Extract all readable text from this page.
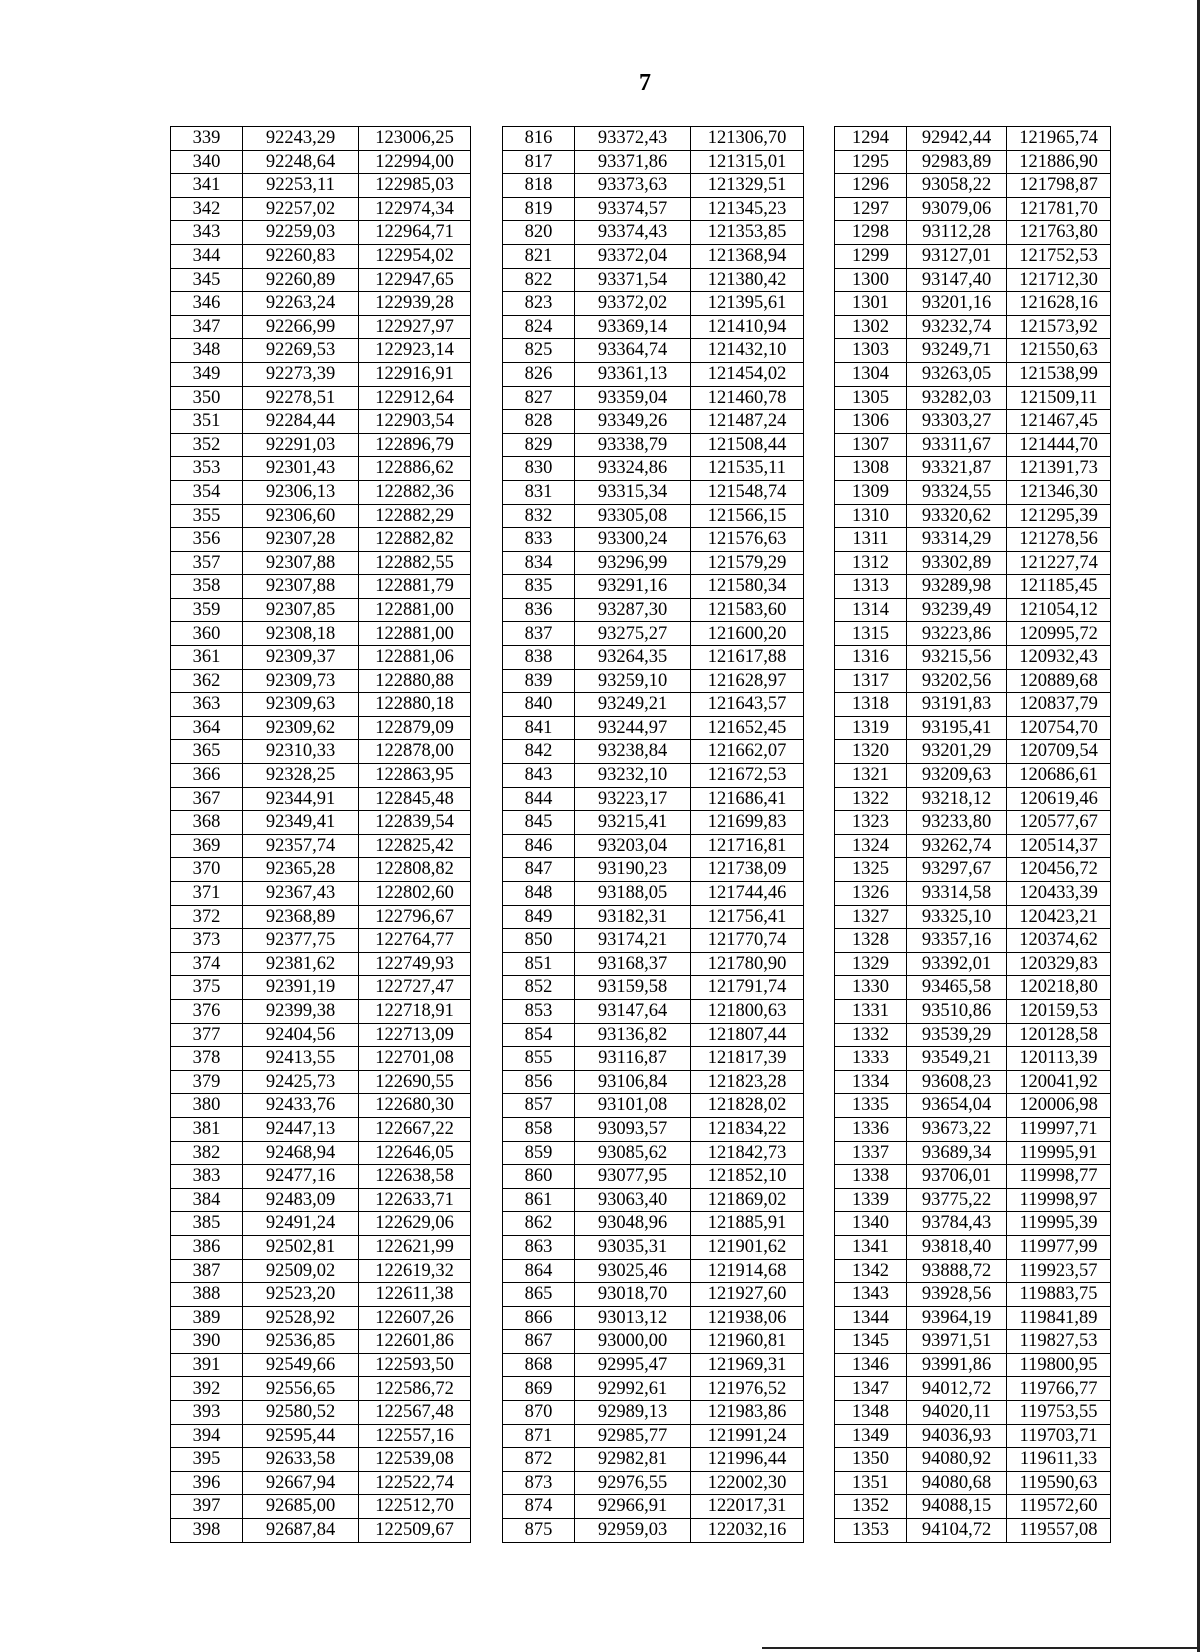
7
339	92243,29	123006,25
340	92248,64	122994,00
341	92253,11	122985,03
342	92257,02	122974,34
343	92259,03	122964,71
344	92260,83	122954,02
345	92260,89	122947,65
346	92263,24	122939,28
347	92266,99	122927,97
348	92269,53	122923,14
349	92273,39	122916,91
350	92278,51	122912,64
351	92284,44	122903,54
352	92291,03	122896,79
353	92301,43	122886,62
354	92306,13	122882,36
355	92306,60	122882,29
356	92307,28	122882,82
357	92307,88	122882,55
358	92307,88	122881,79
359	92307,85	122881,00
360	92308,18	122881,00
361	92309,37	122881,06
362	92309,73	122880,88
363	92309,63	122880,18
364	92309,62	122879,09
365	92310,33	122878,00
366	92328,25	122863,95
367	92344,91	122845,48
368	92349,41	122839,54
369	92357,74	122825,42
370	92365,28	122808,82
371	92367,43	122802,60
372	92368,89	122796,67
373	92377,75	122764,77
374	92381,62	122749,93
375	92391,19	122727,47
376	92399,38	122718,91
377	92404,56	122713,09
378	92413,55	122701,08
379	92425,73	122690,55
380	92433,76	122680,30
381	92447,13	122667,22
382	92468,94	122646,05
383	92477,16	122638,58
384	92483,09	122633,71
385	92491,24	122629,06
386	92502,81	122621,99
387	92509,02	122619,32
388	92523,20	122611,38
389	92528,92	122607,26
390	92536,85	122601,86
391	92549,66	122593,50
392	92556,65	122586,72
393	92580,52	122567,48
394	92595,44	122557,16
395	92633,58	122539,08
396	92667,94	122522,74
397	92685,00	122512,70
398	92687,84	122509,67
816	93372,43	121306,70
817	93371,86	121315,01
818	93373,63	121329,51
819	93374,57	121345,23
820	93374,43	121353,85
821	93372,04	121368,94
822	93371,54	121380,42
823	93372,02	121395,61
824	93369,14	121410,94
825	93364,74	121432,10
826	93361,13	121454,02
827	93359,04	121460,78
828	93349,26	121487,24
829	93338,79	121508,44
830	93324,86	121535,11
831	93315,34	121548,74
832	93305,08	121566,15
833	93300,24	121576,63
834	93296,99	121579,29
835	93291,16	121580,34
836	93287,30	121583,60
837	93275,27	121600,20
838	93264,35	121617,88
839	93259,10	121628,97
840	93249,21	121643,57
841	93244,97	121652,45
842	93238,84	121662,07
843	93232,10	121672,53
844	93223,17	121686,41
845	93215,41	121699,83
846	93203,04	121716,81
847	93190,23	121738,09
848	93188,05	121744,46
849	93182,31	121756,41
850	93174,21	121770,74
851	93168,37	121780,90
852	93159,58	121791,74
853	93147,64	121800,63
854	93136,82	121807,44
855	93116,87	121817,39
856	93106,84	121823,28
857	93101,08	121828,02
858	93093,57	121834,22
859	93085,62	121842,73
860	93077,95	121852,10
861	93063,40	121869,02
862	93048,96	121885,91
863	93035,31	121901,62
864	93025,46	121914,68
865	93018,70	121927,60
866	93013,12	121938,06
867	93000,00	121960,81
868	92995,47	121969,31
869	92992,61	121976,52
870	92989,13	121983,86
871	92985,77	121991,24
872	92982,81	121996,44
873	92976,55	122002,30
874	92966,91	122017,31
875	92959,03	122032,16
1294	92942,44	121965,74
1295	92983,89	121886,90
1296	93058,22	121798,87
1297	93079,06	121781,70
1298	93112,28	121763,80
1299	93127,01	121752,53
1300	93147,40	121712,30
1301	93201,16	121628,16
1302	93232,74	121573,92
1303	93249,71	121550,63
1304	93263,05	121538,99
1305	93282,03	121509,11
1306	93303,27	121467,45
1307	93311,67	121444,70
1308	93321,87	121391,73
1309	93324,55	121346,30
1310	93320,62	121295,39
1311	93314,29	121278,56
1312	93302,89	121227,74
1313	93289,98	121185,45
1314	93239,49	121054,12
1315	93223,86	120995,72
1316	93215,56	120932,43
1317	93202,56	120889,68
1318	93191,83	120837,79
1319	93195,41	120754,70
1320	93201,29	120709,54
1321	93209,63	120686,61
1322	93218,12	120619,46
1323	93233,80	120577,67
1324	93262,74	120514,37
1325	93297,67	120456,72
1326	93314,58	120433,39
1327	93325,10	120423,21
1328	93357,16	120374,62
1329	93392,01	120329,83
1330	93465,58	120218,80
1331	93510,86	120159,53
1332	93539,29	120128,58
1333	93549,21	120113,39
1334	93608,23	120041,92
1335	93654,04	120006,98
1336	93673,22	119997,71
1337	93689,34	119995,91
1338	93706,01	119998,77
1339	93775,22	119998,97
1340	93784,43	119995,39
1341	93818,40	119977,99
1342	93888,72	119923,57
1343	93928,56	119883,75
1344	93964,19	119841,89
1345	93971,51	119827,53
1346	93991,86	119800,95
1347	94012,72	119766,77
1348	94020,11	119753,55
1349	94036,93	119703,71
1350	94080,92	119611,33
1351	94080,68	119590,63
1352	94088,15	119572,60
1353	94104,72	119557,08
